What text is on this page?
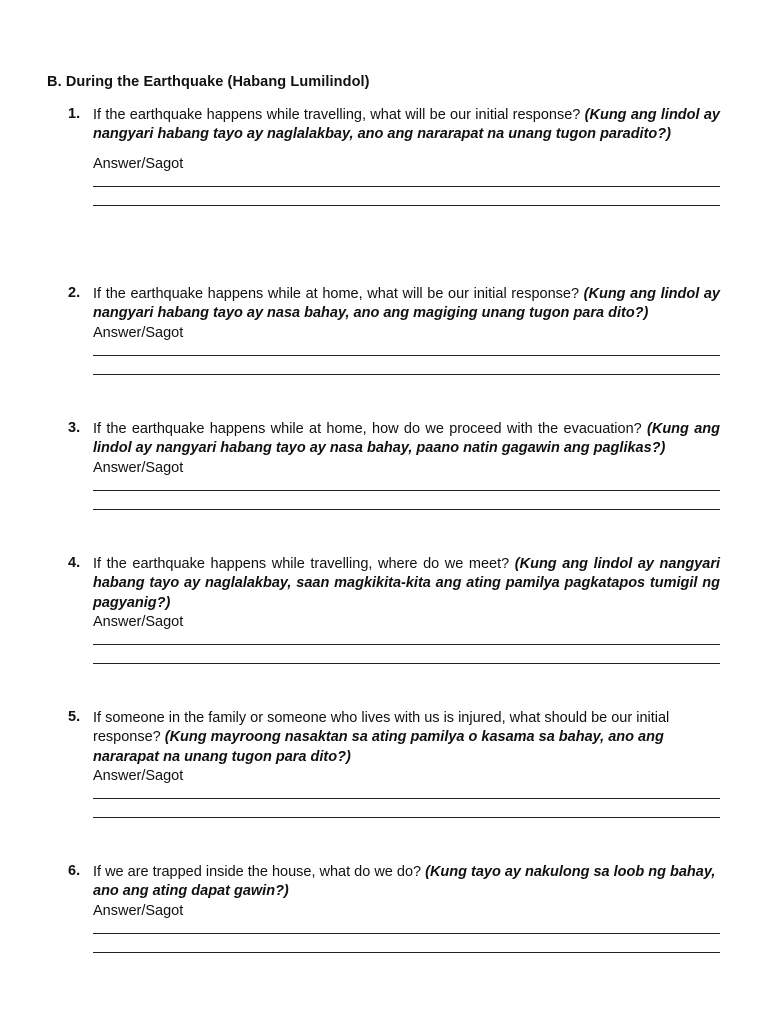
B. During the Earthquake (Habang Lumilindol)
1. If the earthquake happens while travelling, what will be our initial response? (Kung ang lindol ay nangyari habang tayo ay naglalakbay, ano ang nararapat na unang tugon paradito?)
Answer/Sagot
2. If the earthquake happens while at home, what will be our initial response? (Kung ang lindol ay nangyari habang tayo ay nasa bahay, ano ang magiging unang tugon para dito?)
Answer/Sagot
3. If the earthquake happens while at home, how do we proceed with the evacuation? (Kung ang lindol ay nangyari habang tayo ay nasa bahay, paano natin gagawin ang paglikas?)
Answer/Sagot
4. If the earthquake happens while travelling, where do we meet? (Kung ang lindol ay nangyari habang tayo ay naglalakbay, saan magkikita-kita ang ating pamilya pagkatapos tumigil ng pagyanig?)
Answer/Sagot
5. If someone in the family or someone who lives with us is injured, what should be our initial response? (Kung mayroong nasaktan sa ating pamilya o kasama sa bahay, ano ang nararapat na unang tugon para dito?)
Answer/Sagot
6. If we are trapped inside the house, what do we do? (Kung tayo ay nakulong sa loob ng bahay, ano ang ating dapat gawin?)
Answer/Sagot
